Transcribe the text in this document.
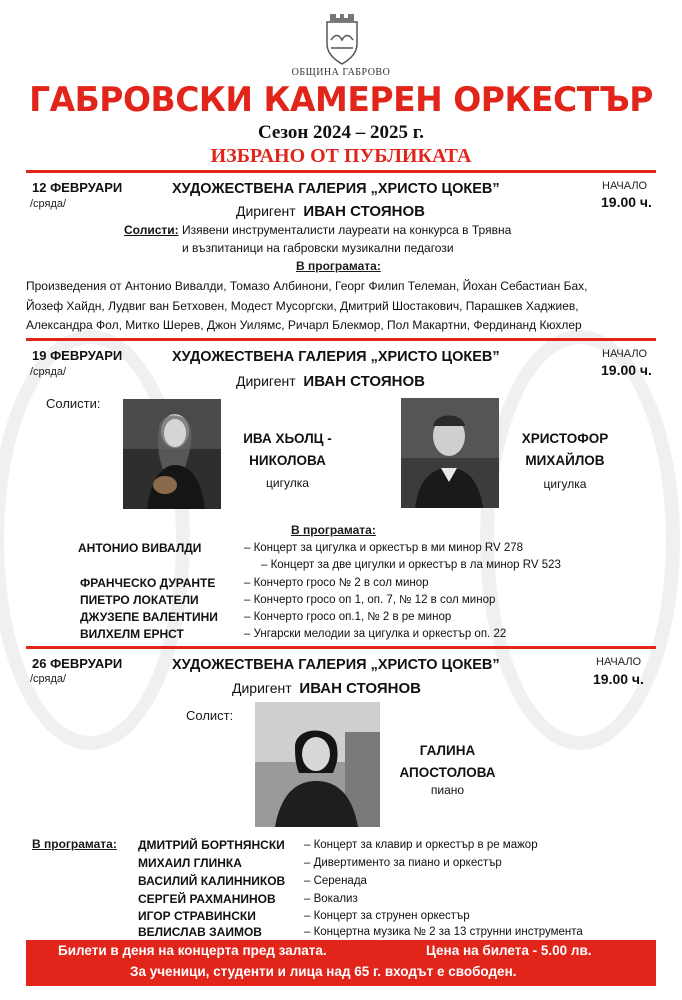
ОБЩИНА ГАБРОВО
ГАБРОВСКИ КАМЕРЕН ОРКЕСТЪР
Сезон 2024 – 2025 г.
ИЗБРАНО ОТ ПУБЛИКАТА
12 ФЕВРУАРИ
/сряда/
ХУДОЖЕСТВЕНА ГАЛЕРИЯ „ХРИСТО ЦОКЕВ”	НАЧАЛО
19.00 ч.
Диригент ИВАН СТОЯНОВ
Солисти: Изявени инструменталисти лауреати на конкурса в Трявна
и възпитаници на габровски музикални педагози
В програмата:
Произведения от Антонио Вивалди, Томазо Албинони, Георг Филип Телеман, Йохан Себастиан Бах,
Йозеф Хайдн, Лудвиг ван Бетховен, Модест Мусоргски, Дмитрий Шостакович, Парашкев Хаджиев,
Александра Фол, Митко Шерев, Джон Уилямс, Ричарл Блекмор, Пол Макартни, Фердинанд Кюхлер
19 ФЕВРУАРИ
/сряда/
ХУДОЖЕСТВЕНА ГАЛЕРИЯ „ХРИСТО ЦОКЕВ”	НАЧАЛО
19.00 ч.
Диригент ИВАН СТОЯНОВ
Солисти:
ИВА ХЬОЛЦ -
НИКОЛОВА
цигулка
ХРИСТОФОР
МИХАЙЛОВ
цигулка
В програмата:
АНТОНИО ВИВАЛДИ	– Концерт за цигулка и оркестър в ми минор RV 278
– Концерт за две цигулки и оркестър в ла минор RV 523
ФРАНЧЕСКО ДУРАНТЕ – Кончерто гросо № 2 в сол минор
ПИЕТРО ЛОКАТЕЛИ	– Кончерто гросо оп 1, оп. 7, № 12 в сол минор
ДЖУЗЕПЕ ВАЛЕНТИНИ – Кончерто гросо оп.1, № 2 в ре минор
ВИЛХЕЛМ ЕРНСТ	– Унгарски мелодии за цигулка и оркестър оп. 22
26 ФЕВРУАРИ
/сряда/
ХУДОЖЕСТВЕНА ГАЛЕРИЯ „ХРИСТО ЦОКЕВ”	НАЧАЛО
19.00 ч.
Диригент ИВАН СТОЯНОВ
Солист:
ГАЛИНА
АПОСТОЛОВА
пиано
В програмата: ДМИТРИЙ БОРТНЯНСКИ – Концерт за клавир и оркестър в ре мажор
МИХАИЛ ГЛИНКА	– Дивертименто за пиано и оркестър
ВАСИЛИЙ КАЛИННИКОВ – Серенада
СЕРГЕЙ РАХМАНИНОВ – Вокализ
ИГОР СТРАВИНСКИ	– Концерт за струнен оркестър
ВЕЛИСЛАВ ЗАИМОВ	– Концертна музика № 2 за 13 струнни инструмента
Билети в деня на концерта пред залата.	Цена на билета - 5.00 лв.
За ученици, студенти и лица над 65 г. входът е свободен.
